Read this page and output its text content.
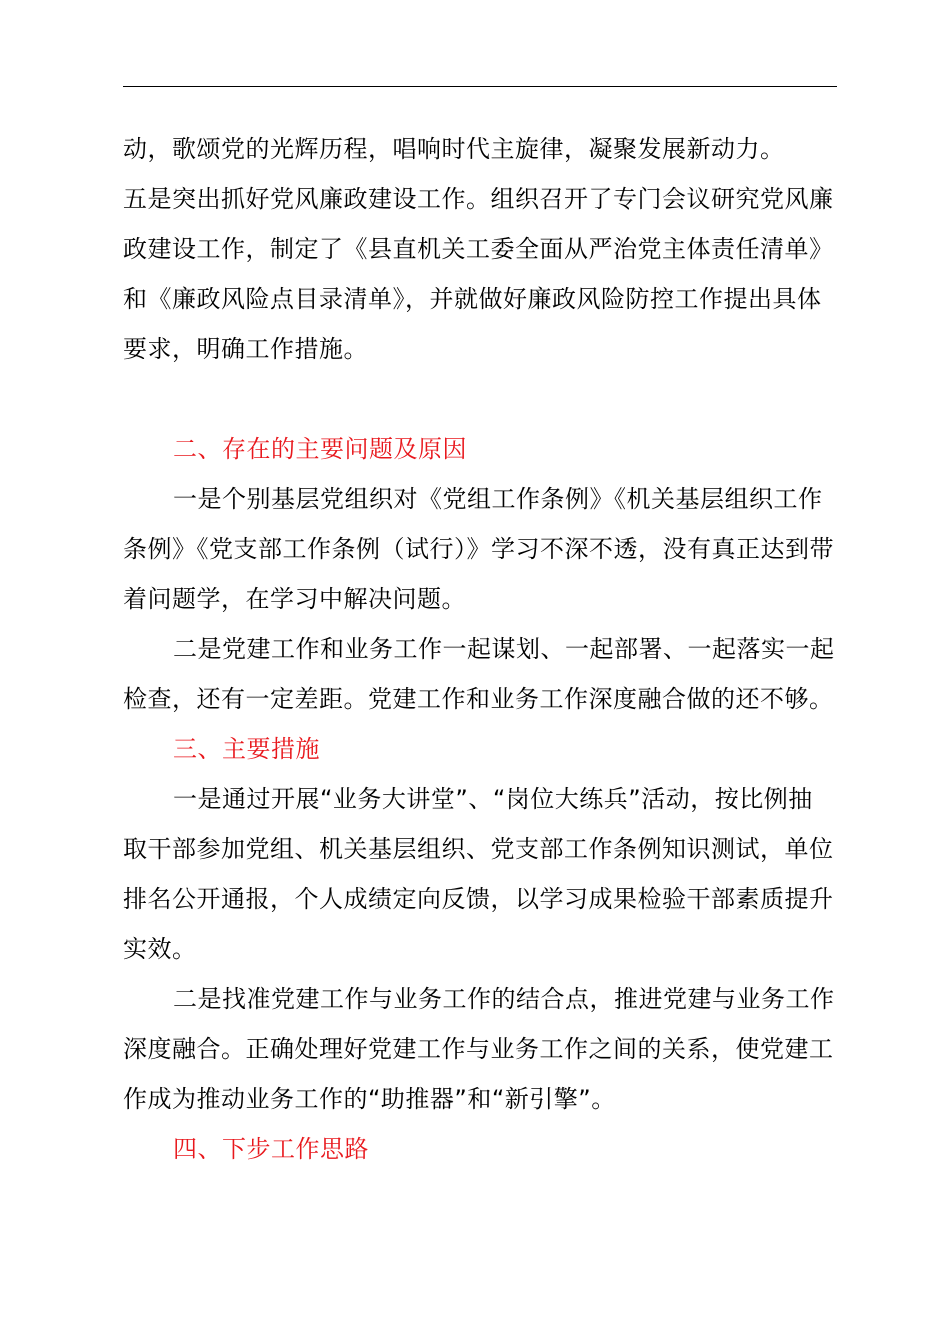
动，歌颂党的光辉历程，唱响时代主旋律，凝聚发展新动力。

五是突出抓好党风廉政建设工作。组织召开了专门会议研究党风廉政建设工作，制定了《县直机关工委全面从严治党主体责任清单》和《廉政风险点目录清单》，并就做好廉政风险防控工作提出具体要求，明确工作措施。

二、存在的主要问题及原因

一是个别基层党组织对《党组工作条例》《机关基层组织工作条例》《党支部工作条例（试行）》学习不深不透，没有真正达到带着问题学，在学习中解决问题。

二是党建工作和业务工作一起谋划、一起部署、一起落实一起检查，还有一定差距。党建工作和业务工作深度融合做的还不够。

三、主要措施

一是通过开展“业务大讲堂”、“岗位大练兵”活动，按比例抽取干部参加党组、机关基层组织、党支部工作条例知识测试，单位排名公开通报，个人成绩定向反馈，以学习成果检验干部素质提升实效。

二是找准党建工作与业务工作的结合点，推进党建与业务工作深度融合。正确处理好党建工作与业务工作之间的关系，使党建工作成为推动业务工作的“助推器”和“新引擎”。

四、下步工作思路
